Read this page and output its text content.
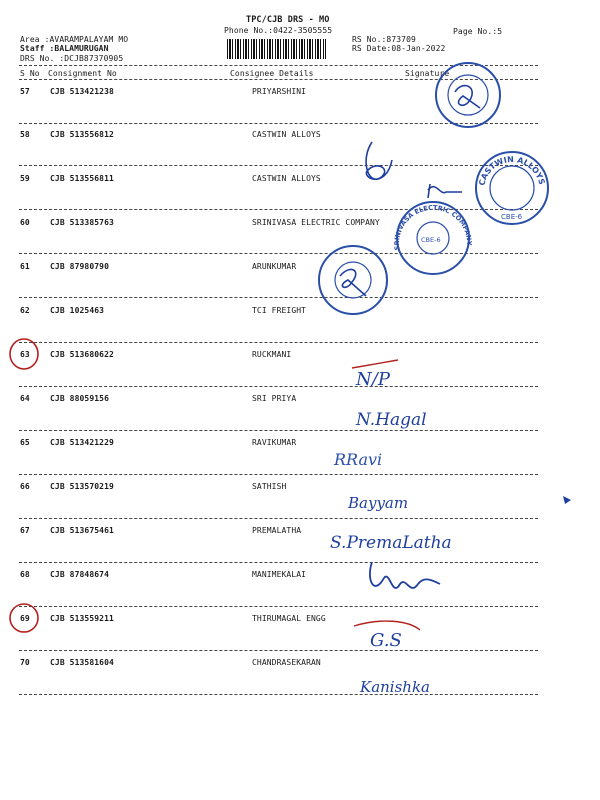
TPC/CJB DRS - MO
Phone No.:0422-3505555	Page No.:5
Area :AVARAMPALAYAM MO
Staff :BALAMURUGAN
DRS No. :DCJB87370905
RS No.:873709
RS Date:08-Jan-2022
S No Consignment No	Consignee Details	Signature
57	CJB 513421238	PRIYARSHINI
58	CJB 513556812	CASTWIN ALLOYS
59	CJB 513556811	CASTWIN ALLOYS
60	CJB 513385763	SRINIVASA ELECTRIC COMPANY
61	CJB 87980790	ARUNKUMAR
62	CJB 1025463	TCI FREIGHT
63	CJB 513680622	RUCKMANI
64	CJB 88059156	SRI PRIYA
65	CJB 513421229	RAVIKUMAR
66	CJB 513570219	SATHISH
67	CJB 513675461	PREMALATHA
68	CJB 87848674	MANIMEKALAI
69	CJB 513559211	THIRUMAGAL ENGG
70	CJB 513581604	CHANDRASEKARAN
CASTWIN ALLOYS
CBE-6
SRINIVASA ELECTRIC COMPANY
CBE-6
N/P
N.Hagal
RRavi
Bayyam
S.PremaLatha
G.S
Kanishka
